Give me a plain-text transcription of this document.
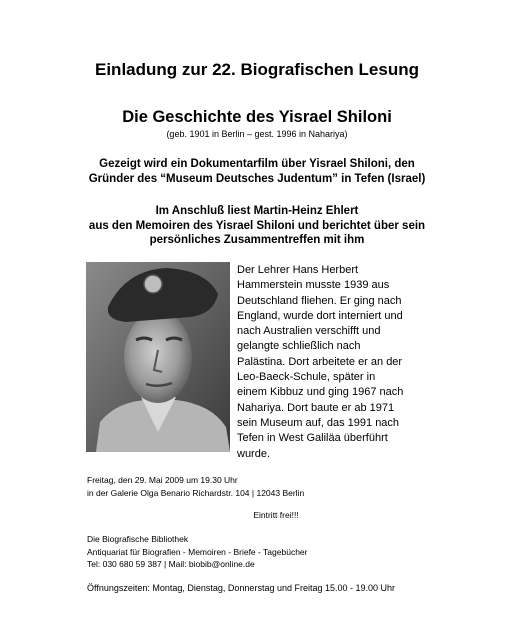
Einladung zur 22. Biografischen Lesung
Die Geschichte des Yisrael Shiloni
(geb. 1901 in Berlin – gest. 1996 in Nahariya)
Gezeigt wird ein Dokumentarfilm über Yisrael Shiloni, den
Gründer des “Museum Deutsches Judentum” in Tefen (Israel)
Im Anschluß liest Martin-Heinz Ehlert
aus den Memoiren des Yisrael Shiloni und berichtet über sein
persönliches Zusammentreffen mit ihm
Der Lehrer Hans Herbert
Hammerstein musste 1939 aus
Deutschland fliehen. Er ging nach
England, wurde dort interniert und
nach Australien verschifft und
gelangte schließlich nach
Palästina. Dort arbeitete er an der
Leo-Baeck-Schule, später in
einem Kibbuz und ging 1967 nach
Nahariya. Dort baute er ab 1971
sein Museum auf, das 1991 nach
Tefen in West Galiläa überführt
wurde.
Freitag, den 29. Mai 2009 um 19.30 Uhr
in der Galerie Olga Benario Richardstr. 104 | 12043 Berlin
Eintritt frei!!!
Die Biografische Bibliothek
Antiquariat für Biografien - Memoiren - Briefe - Tagebücher
Tel: 030 680 59 387 | Mail: biobib@online.de
Öffnungszeiten: Montag, Dienstag, Donnerstag und Freitag 15.00 - 19.00 Uhr
